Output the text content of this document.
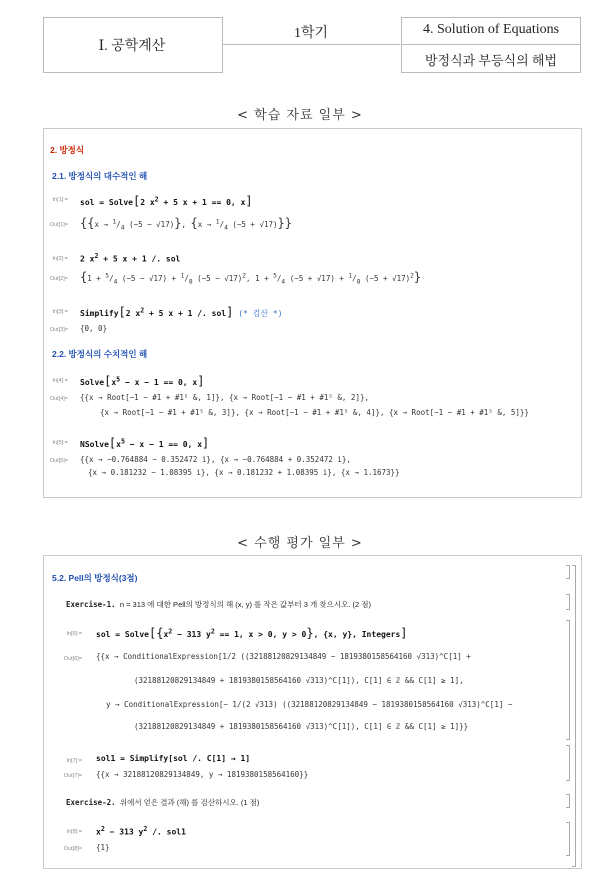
Ⅰ. 공학계산
1학기	4. Solution of Equations
방정식과 부등식의 해법
< 학습 자료 일부 >
2. 방정식
2.1. 방정식의 대수적인 해
In[1]:= sol = Solve[2 $x^2 + 5$ x + 1 == 0, x]
$Out[1]= \{\{x \to ^1/_4$ (−5 − √17)}, {$x \to ^1/_4$ (−5 + √17)}}
In[2]:= 2 $x^2 + 5$ x + 1 /. sol
$Out[2]= \{1 + ^5/_4$ $(-5 - √17) + ^1/_8$ $(-5 - √17)^2$, $1 + ^5/_4$ $(-5 + √17) + ^1/_8$ $(-5 + √17)^2$}
In[3]:= Simplify[2 $x^2 + 5$ x + 1 /. sol] (* 검산 *)
Out[3]= {0, 0}
2.2. 방정식의 수치적인 해
In[4]:= $Solve[x^5 - x - 1 == 0$, x]
Out[4]= {{x → Root[−1 − #1 + #1⁵ &, 1]}, {x → Root[−1 − #1 + #1⁵ &, 2]},
{x → Root[−1 − #1 + #1⁵ &, 3]}, {x → Root[−1 − #1 + #1⁵ &, 4]}, {x → Root[−1 − #1 + #1⁵ &, 5]}}
In[5]:= $NSolve[x^5 - x - 1 == 0$, x]
Out[5]= {{x → −0.764884 − 0.352472 i}, {x → −0.764884 + 0.352472 i},
{x → 0.181232 − 1.08395 i}, {x → 0.181232 + 1.08395 i}, {x → 1.1673}}
< 수행 평가 일부 >
5.2. Pell의 방정식(3점)
Exercise-1. n = 313 에 대한 Pell의 방정식의 해 (x, y) 를 작은 값부터 3 개 찾으시오. (2 점)
In[6]:= sol = $Solve[\{x^2 - 313$ $y^2 == 1$, x > 0, y > 0}, {x, y}, Integers]
Out[6]= {{x → ConditionalExpression[1/2 ((32188120829134849 − 1819380158564160 √313)^C[1] +
(32188120829134849 + 1819380158564160 √313)^C[1]), C[1] ∈ ℤ && C[1] ≥ 1],
y → ConditionalExpression[− 1/(2 √313) ((32188120829134849 − 1819380158564160 √313)^C[1] −
(32188120829134849 + 1819380158564160 √313)^C[1]), C[1] ∈ ℤ && C[1] ≥ 1]}}
In[7]:= sol1 = Simplify[sol /. C[1] → 1]
Out[7]= {{x → 32188120829134849, y → 1819380158564160}}
Exercise-2. 위에서 얻은 결과 (해) 를 검산하시오. (1 점)
In[8]:= $x^2 - 313$ $y^2$ /. sol1
Out[8]= {1}
